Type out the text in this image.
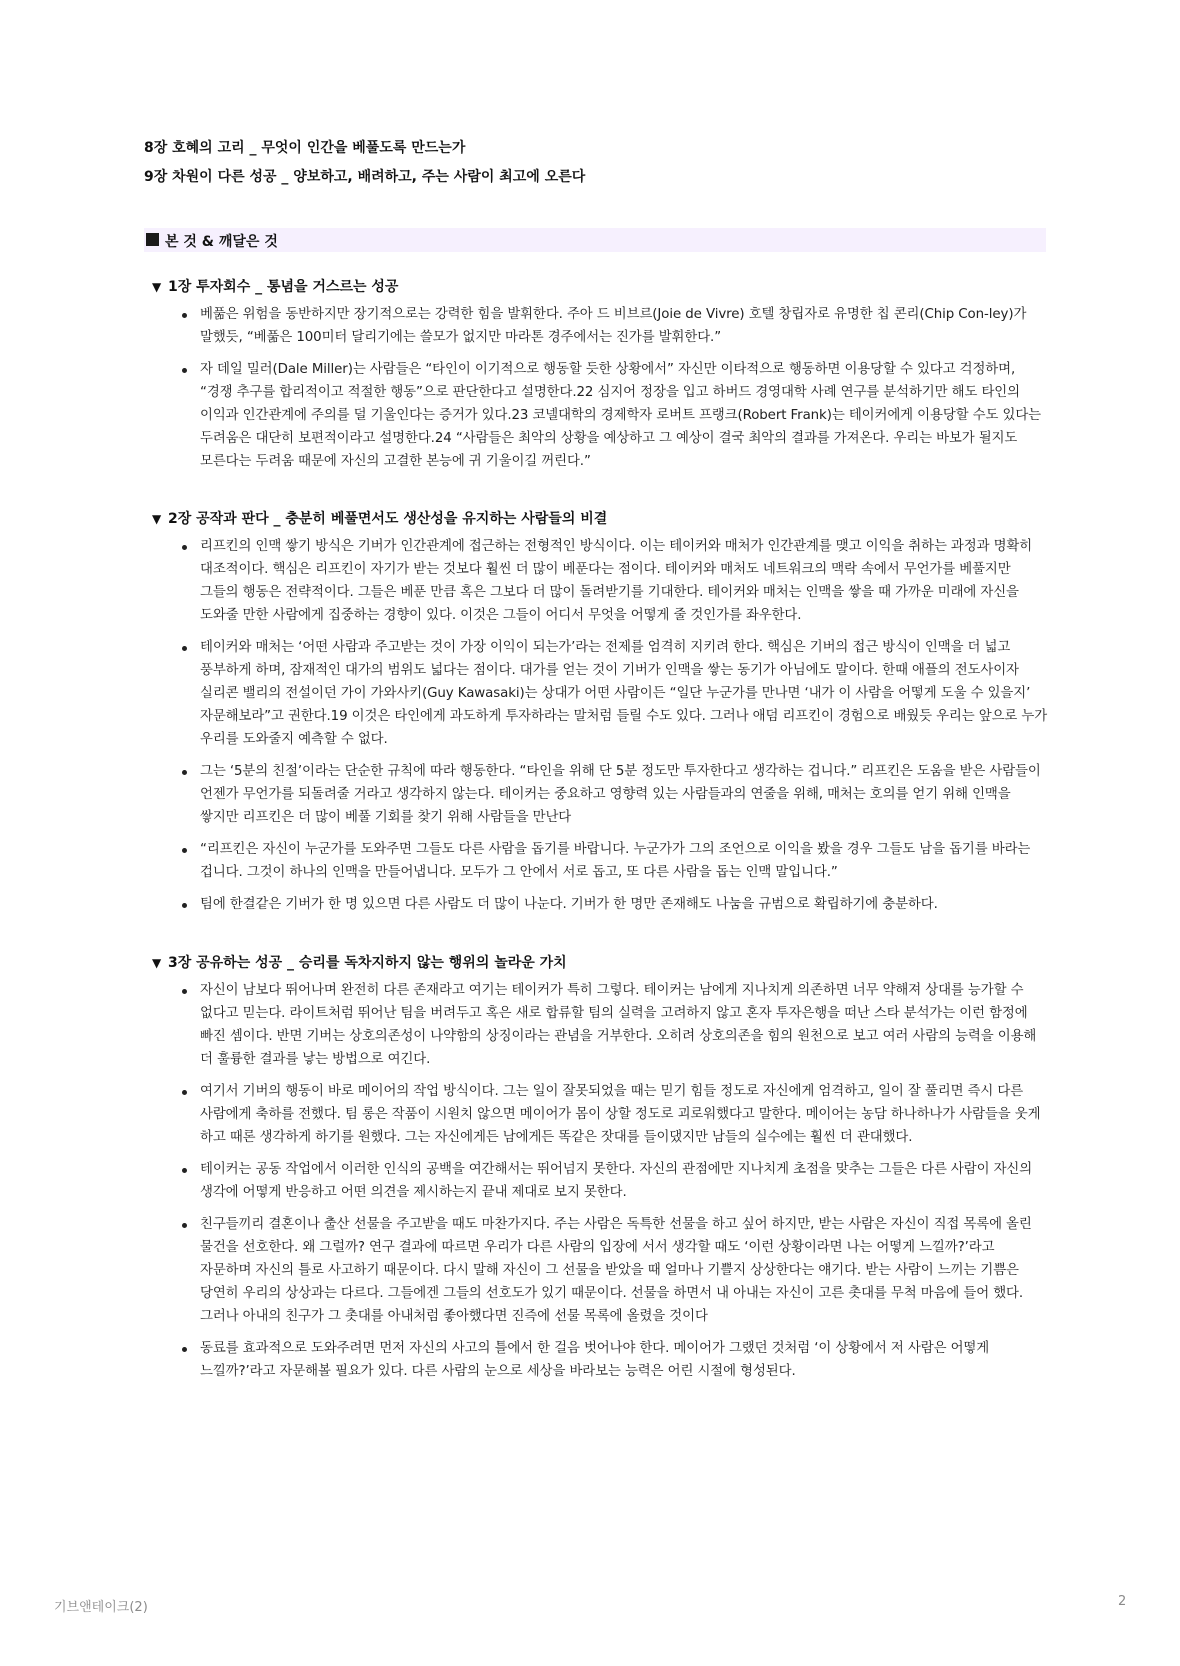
8장 호혜의 고리 _ 무엇이 인간을 베풀도록 만드는가
9장 차원이 다른 성공 _ 양보하고, 배려하고, 주는 사람이 최고에 오른다
본 것 & 깨달은 것
▼ 1장 투자회수 _ 통념을 거스르는 성공
베풂은 위험을 동반하지만 장기적으로는 강력한 힘을 발휘한다. 주아 드 비브르(Joie de Vivre) 호텔 창립자로 유명한 칩 콘리(Chip Con-ley)가 말했듯, “베풂은 100미터 달리기에는 쓸모가 없지만 마라톤 경주에서는 진가를 발휘한다.”
자 데일 밀러(Dale Miller)는 사람들은 “타인이 이기적으로 행동할 듯한 상황에서” 자신만 이타적으로 행동하면 이용당할 수 있다고 걱정하며, “경쟁 추구를 합리적이고 적절한 행동”으로 판단한다고 설명한다.22 심지어 정장을 입고 하버드 경영대학 사례 연구를 분석하기만 해도 타인의 이익과 인간관계에 주의를 덜 기울인다는 증거가 있다.23 코넬대학의 경제학자 로버트 프랭크(Robert Frank)는 테이커에게 이용당할 수도 있다는 두려움은 대단히 보편적이라고 설명한다.24 “사람들은 최악의 상황을 예상하고 그 예상이 결국 최악의 결과를 가져온다. 우리는 바보가 될지도 모른다는 두려움 때문에 자신의 고결한 본능에 귀 기울이길 꺼린다.”
▼ 2장 공작과 판다 _ 충분히 베풀면서도 생산성을 유지하는 사람들의 비결
리프킨의 인맥 쌓기 방식은 기버가 인간관계에 접근하는 전형적인 방식이다. 이는 테이커와 매처가 인간관계를 맺고 이익을 취하는 과정과 명확히 대조적이다. 핵심은 리프킨이 자기가 받는 것보다 훨씬 더 많이 베푼다는 점이다. 테이커와 매처도 네트워크의 맥락 속에서 무언가를 베풀지만 그들의 행동은 전략적이다. 그들은 베푼 만큼 혹은 그보다 더 많이 돌려받기를 기대한다. 테이커와 매처는 인맥을 쌓을 때 가까운 미래에 자신을 도와줄 만한 사람에게 집중하는 경향이 있다. 이것은 그들이 어디서 무엇을 어떻게 줄 것인가를 좌우한다.
테이커와 매처는 ‘어떤 사람과 주고받는 것이 가장 이익이 되는가’라는 전제를 엄격히 지키려 한다. 핵심은 기버의 접근 방식이 인맥을 더 넓고 풍부하게 하며, 잠재적인 대가의 범위도 넓다는 점이다. 대가를 얻는 것이 기버가 인맥을 쌓는 동기가 아님에도 말이다. 한때 애플의 전도사이자 실리콘 밸리의 전설이던 가이 가와사키(Guy Kawasaki)는 상대가 어떤 사람이든 “일단 누군가를 만나면 ‘내가 이 사람을 어떻게 도울 수 있을지’ 자문해보라”고 권한다.19 이것은 타인에게 과도하게 투자하라는 말처럼 들릴 수도 있다. 그러나 애덤 리프킨이 경험으로 배웠듯 우리는 앞으로 누가 우리를 도와줄지 예측할 수 없다.
그는 ‘5분의 친절’이라는 단순한 규칙에 따라 행동한다. “타인을 위해 단 5분 정도만 투자한다고 생각하는 겁니다.” 리프킨은 도움을 받은 사람들이 언젠가 무언가를 되돌려줄 거라고 생각하지 않는다. 테이커는 중요하고 영향력 있는 사람들과의 연줄을 위해, 매처는 호의를 얻기 위해 인맥을 쌓지만 리프킨은 더 많이 베풀 기회를 찾기 위해 사람들을 만난다
“리프킨은 자신이 누군가를 도와주면 그들도 다른 사람을 돕기를 바랍니다. 누군가가 그의 조언으로 이익을 봤을 경우 그들도 남을 돕기를 바라는 겁니다. 그것이 하나의 인맥을 만들어냅니다. 모두가 그 안에서 서로 돕고, 또 다른 사람을 돕는 인맥 말입니다.”
팀에 한결같은 기버가 한 명 있으면 다른 사람도 더 많이 나눈다. 기버가 한 명만 존재해도 나눔을 규범으로 확립하기에 충분하다.
▼ 3장 공유하는 성공 _ 승리를 독차지하지 않는 행위의 놀라운 가치
자신이 남보다 뛰어나며 완전히 다른 존재라고 여기는 테이커가 특히 그렇다. 테이커는 남에게 지나치게 의존하면 너무 약해져 상대를 능가할 수 없다고 믿는다. 라이트처럼 뛰어난 팀을 버려두고 혹은 새로 합류할 팀의 실력을 고려하지 않고 혼자 투자은행을 떠난 스타 분석가는 이런 함정에 빠진 셈이다. 반면 기버는 상호의존성이 나약함의 상징이라는 관념을 거부한다. 오히려 상호의존을 힘의 원천으로 보고 여러 사람의 능력을 이용해 더 훌륭한 결과를 낳는 방법으로 여긴다.
여기서 기버의 행동이 바로 메이어의 작업 방식이다. 그는 일이 잘못되었을 때는 믿기 힘들 정도로 자신에게 엄격하고, 일이 잘 풀리면 즉시 다른 사람에게 축하를 전했다. 팀 롱은 작품이 시원치 않으면 메이어가 몸이 상할 정도로 괴로워했다고 말한다. 메이어는 농담 하나하나가 사람들을 웃게 하고 때론 생각하게 하기를 원했다. 그는 자신에게든 남에게든 똑같은 잣대를 들이댔지만 남들의 실수에는 훨씬 더 관대했다.
테이커는 공동 작업에서 이러한 인식의 공백을 여간해서는 뛰어넘지 못한다. 자신의 관점에만 지나치게 초점을 맞추는 그들은 다른 사람이 자신의 생각에 어떻게 반응하고 어떤 의견을 제시하는지 끝내 제대로 보지 못한다.
친구들끼리 결혼이나 출산 선물을 주고받을 때도 마찬가지다. 주는 사람은 독특한 선물을 하고 싶어 하지만, 받는 사람은 자신이 직접 목록에 올린 물건을 선호한다. 왜 그럴까? 연구 결과에 따르면 우리가 다른 사람의 입장에 서서 생각할 때도 ‘이런 상황이라면 나는 어떻게 느낄까?’라고 자문하며 자신의 틀로 사고하기 때문이다. 다시 말해 자신이 그 선물을 받았을 때 얼마나 기쁠지 상상한다는 얘기다. 받는 사람이 느끼는 기쁨은 당연히 우리의 상상과는 다르다. 그들에겐 그들의 선호도가 있기 때문이다. 선물을 하면서 내 아내는 자신이 고른 촛대를 무척 마음에 들어 했다. 그러나 아내의 친구가 그 촛대를 아내처럼 좋아했다면 진즉에 선물 목록에 올렸을 것이다
동료를 효과적으로 도와주려면 먼저 자신의 사고의 틀에서 한 걸음 벗어나야 한다. 메이어가 그랬던 것처럼 ‘이 상황에서 저 사람은 어떻게 느낄까?’라고 자문해볼 필요가 있다. 다른 사람의 눈으로 세상을 바라보는 능력은 어린 시절에 형성된다.
기브앤테이크(2)	2
